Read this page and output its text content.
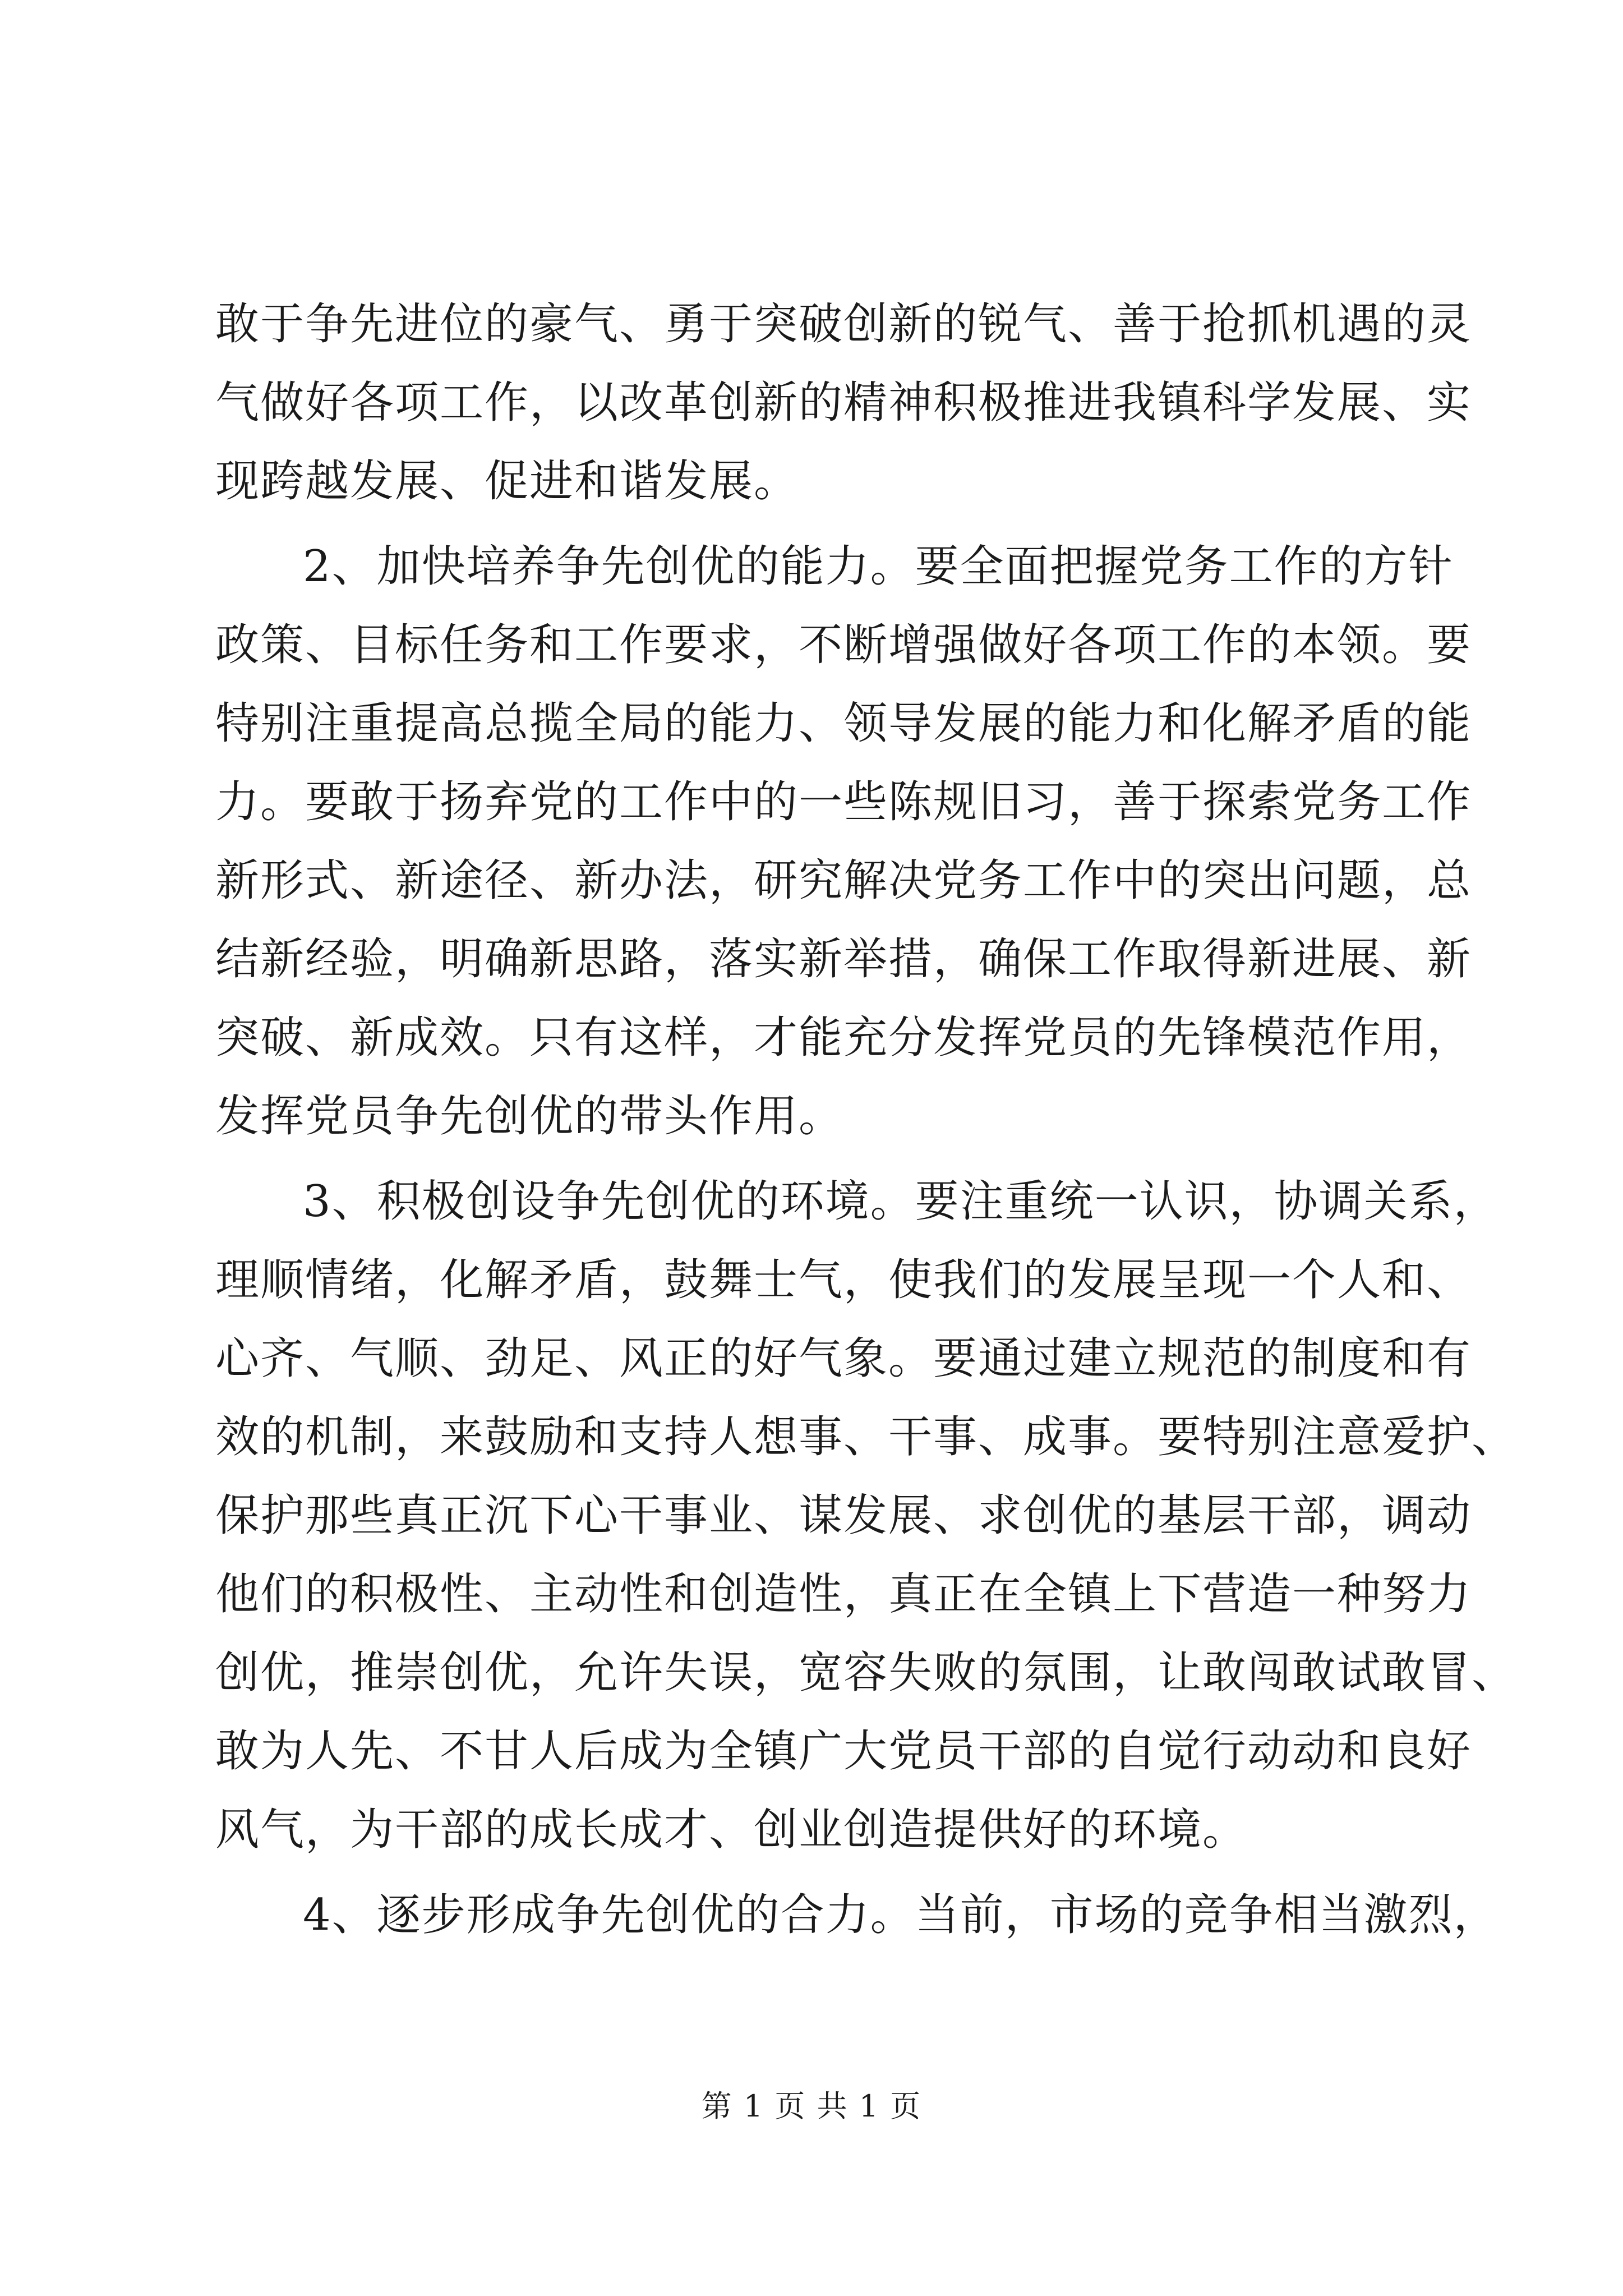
敢于争先进位的豪气、勇于突破创新的锐气、善于抢抓机遇的灵
气做好各项工作，以改革创新的精神积极推进我镇科学发展、实
现跨越发展、促进和谐发展。
2、加快培养争先创优的能力。要全面把握党务工作的方针
政策、目标任务和工作要求，不断增强做好各项工作的本领。要
特别注重提高总揽全局的能力、领导发展的能力和化解矛盾的能
力。要敢于扬弃党的工作中的一些陈规旧习，善于探索党务工作
新形式、新途径、新办法，研究解决党务工作中的突出问题，总
结新经验，明确新思路，落实新举措，确保工作取得新进展、新
突破、新成效。只有这样，才能充分发挥党员的先锋模范作用，
发挥党员争先创优的带头作用。
3、积极创设争先创优的环境。要注重统一认识，协调关系，
理顺情绪，化解矛盾，鼓舞士气，使我们的发展呈现一个人和、
心齐、气顺、劲足、风正的好气象。要通过建立规范的制度和有
效的机制，来鼓励和支持人想事、干事、成事。要特别注意爱护、
保护那些真正沉下心干事业、谋发展、求创优的基层干部，调动
他们的积极性、主动性和创造性，真正在全镇上下营造一种努力
创优，推崇创优，允许失误，宽容失败的氛围，让敢闯敢试敢冒、
敢为人先、不甘人后成为全镇广大党员干部的自觉行动动和良好
风气，为干部的成长成才、创业创造提供好的环境。
4、逐步形成争先创优的合力。当前，市场的竞争相当激烈，
第 1 页 共 1 页
